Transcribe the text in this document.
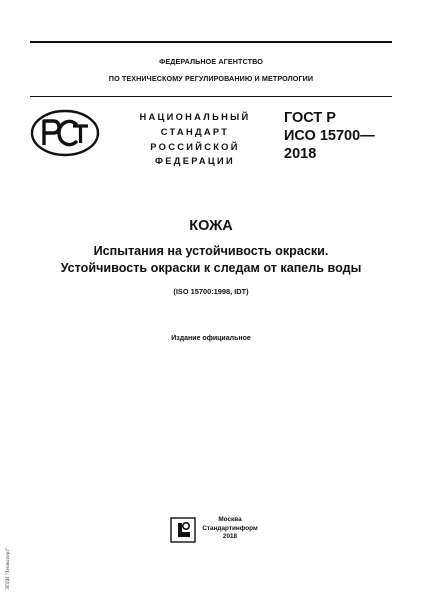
ФЕДЕРАЛЬНОЕ АГЕНТСТВО
ПО ТЕХНИЧЕСКОМУ РЕГУЛИРОВАНИЮ И МЕТРОЛОГИИ
НАЦИОНАЛЬНЫЙ
СТАНДАРТ
РОССИЙСКОЙ
ФЕДЕРАЦИИ
ГОСТ Р
ИСО 15700—
2018
КОЖА
Испытания на устойчивость окраски.
Устойчивость окраски к следам от капель воды
(ISO 15700:1998, IDT)
Издание официальное
Москва
Стандартинформ
2018
ЭГПИ "Техэксперт"
